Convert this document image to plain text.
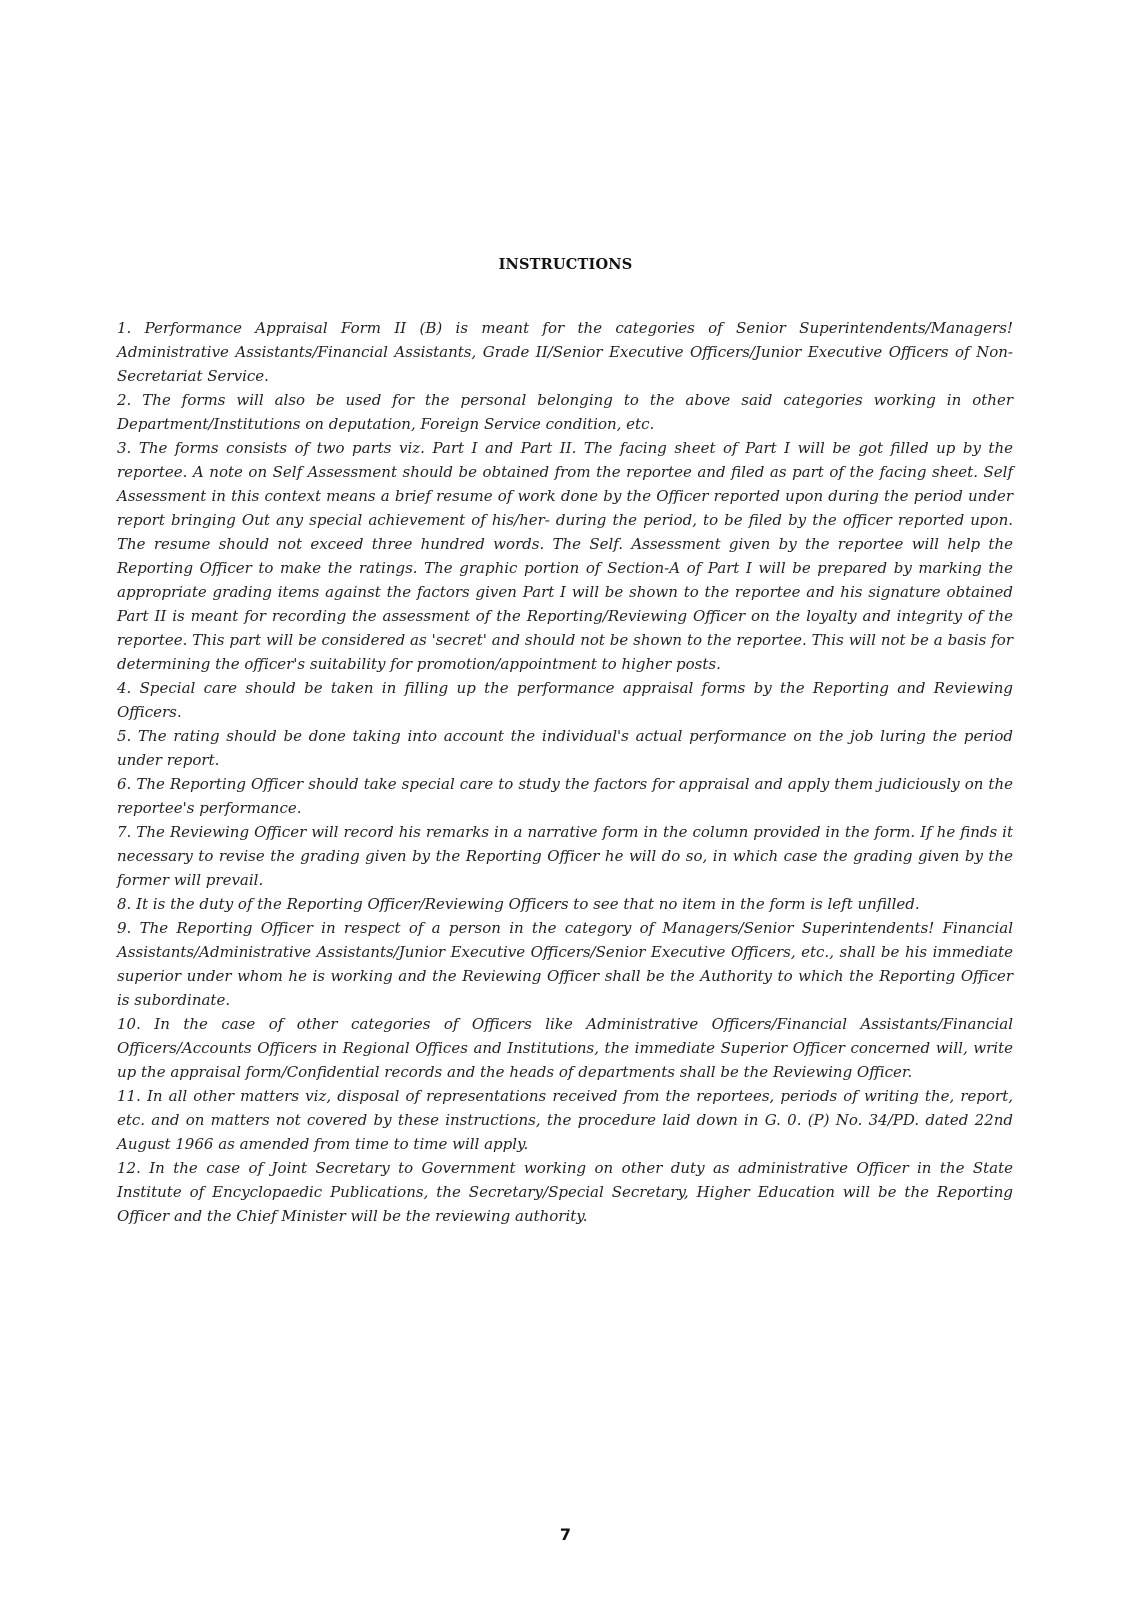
INSTRUCTIONS

1. Performance Appraisal Form II (B) is meant for the categories of Senior Superintendents/Managers! Administrative Assistants/Financial Assistants, Grade II/Senior Executive Officers/Junior Executive Officers of Non-Secretariat Service.

2. The forms will also be used for the personal belonging to the above said categories working in other Department/Institutions on deputation, Foreign Service condition, etc.

3. The forms consists of two parts viz. Part I and Part II. The facing sheet of Part I will be got filled up by the reportee. A note on Self Assessment should be obtained from the reportee and filed as part of the facing sheet. Self Assessment in this context means a brief resume of work done by the Officer reported upon during the period under report bringing Out any special achievement of his/her- during the period, to be filed by the officer reported upon. The resume should not exceed three hundred words. The Self. Assessment given by the reportee will help the Reporting Officer to make the ratings. The graphic portion of Section-A of Part I will be prepared by marking the appropriate grading items against the factors given Part I will be shown to the reportee and his signature obtained Part II is meant for recording the assessment of the Reporting/Reviewing Officer on the loyalty and integrity of the reportee. This part will be considered as 'secret' and should not be shown to the reportee. This will not be a basis for determining the officer's suitability for promotion/appointment to higher posts.

4. Special care should be taken in filling up the performance appraisal forms by the Reporting and Reviewing Officers.

5. The rating should be done taking into account the individual's actual performance on the job luring the period under report.

6. The Reporting Officer should take special care to study the factors for appraisal and apply them judiciously on the reportee's performance.

7. The Reviewing Officer will record his remarks in a narrative form in the column provided in the form. If he finds it necessary to revise the grading given by the Reporting Officer he will do so, in which case the grading given by the former will prevail.

8. It is the duty of the Reporting Officer/Reviewing Officers to see that no item in the form is left unfilled.

9. The Reporting Officer in respect of a person in the category of Managers/Senior Superintendents! Financial Assistants/Administrative Assistants/Junior Executive Officers/Senior Executive Officers, etc., shall be his immediate superior under whom he is working and the Reviewing Officer shall be the Authority to which the Reporting Officer is subordinate.

10. In the case of other categories of Officers like Administrative Officers/Financial Assistants/Financial Officers/Accounts Officers in Regional Offices and Institutions, the immediate Superior Officer concerned will, write up the appraisal form/Confidential records and the heads of departments shall be the Reviewing Officer.

11. In all other matters viz, disposal of representations received from the reportees, periods of writing the, report, etc. and on matters not covered by these instructions, the procedure laid down in G. 0. (P) No. 34/PD. dated 22nd August 1966 as amended from time to time will apply.

12. In the case of Joint Secretary to Government working on other duty as administrative Officer in the State Institute of Encyclopaedic Publications, the Secretary/Special Secretary, Higher Education will be the Reporting Officer and the Chief Minister will be the reviewing authority.

7
